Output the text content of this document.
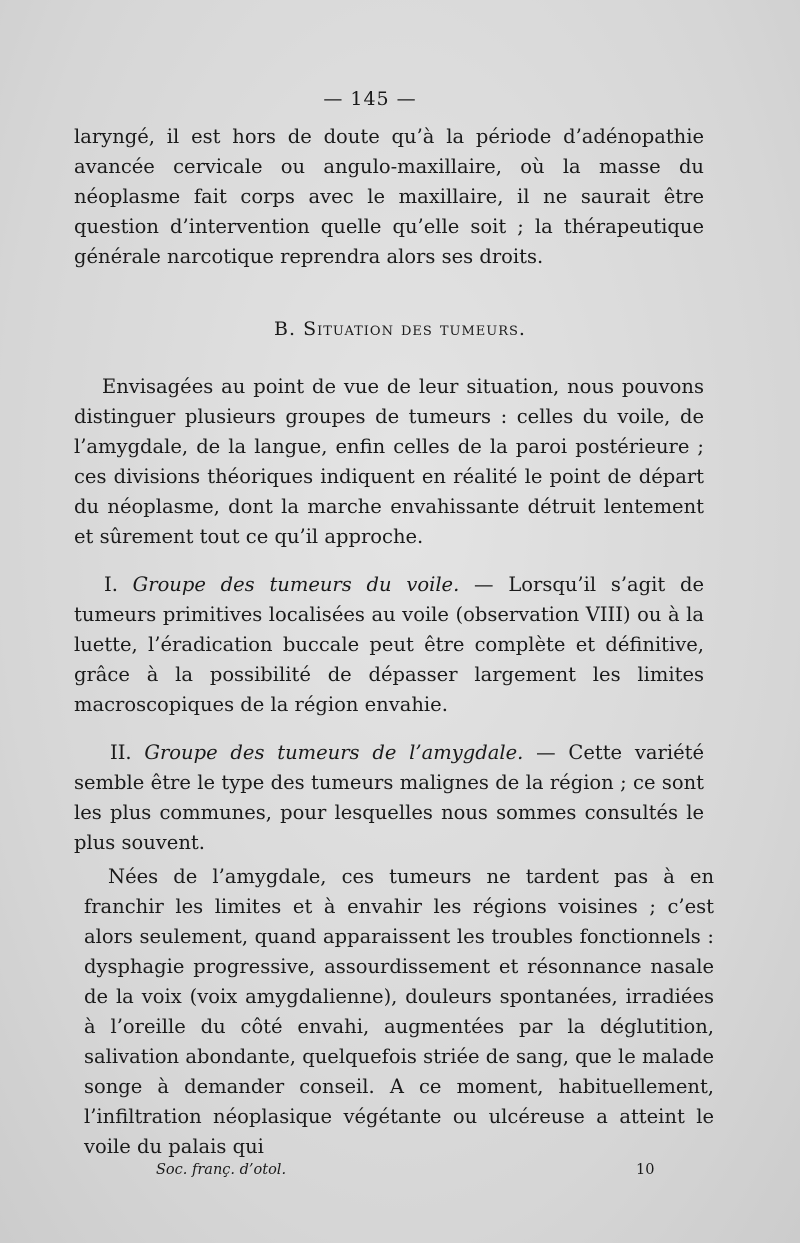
— 145 —
laryngé, il est hors de doute qu’à la période d’adénopathie avancée cervicale ou angulo-maxillaire, où la masse du néoplasme fait corps avec le maxillaire, il ne saurait être question d’intervention quelle qu’elle soit ; la thérapeutique générale narcotique reprendra alors ses droits.
B. Situation des tumeurs.
Envisagées au point de vue de leur situation, nous pouvons distinguer plusieurs groupes de tumeurs : celles du voile, de l’amygdale, de la langue, enfin celles de la paroi postérieure ; ces divisions théoriques indiquent en réalité le point de départ du néoplasme, dont la marche envahissante détruit lentement et sûrement tout ce qu’il approche.
I. Groupe des tumeurs du voile. — Lorsqu’il s’agit de tumeurs primitives localisées au voile (observation VIII) ou à la luette, l’éradication buccale peut être complète et définitive, grâce à la possibilité de dépasser largement les limites macroscopiques de la région envahie.
II. Groupe des tumeurs de l’amygdale. — Cette variété semble être le type des tumeurs malignes de la région ; ce sont les plus communes, pour lesquelles nous sommes consultés le plus souvent.
Nées de l’amygdale, ces tumeurs ne tardent pas à en franchir les limites et à envahir les régions voisines ; c’est alors seulement, quand apparaissent les troubles fonctionnels : dysphagie progressive, assourdissement et résonnance nasale de la voix (voix amygdalienne), douleurs spontanées, irradiées à l’oreille du côté envahi, augmentées par la déglutition, salivation abondante, quelquefois striée de sang, que le malade songe à demander conseil. A ce moment, habituellement, l’infiltration néoplasique végétante ou ulcéreuse a atteint le voile du palais qui
Soc. franç. d’otol.	10
